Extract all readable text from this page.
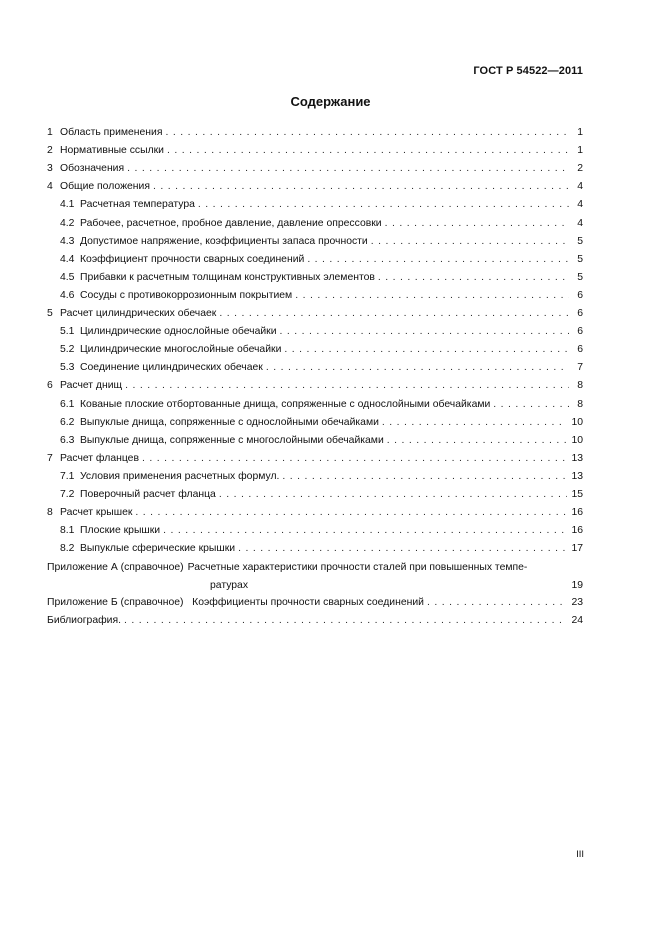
ГОСТ Р 54522—2011
Содержание
1 Область применения . . .	1
2 Нормативные ссылки . . .	1
3 Обозначения . . .	2
4 Общие положения . . .	4
4.1 Расчетная температура . . .	4
4.2 Рабочее, расчетное, пробное давление, давление опрессовки . . .	4
4.3 Допустимое напряжение, коэффициенты запаса прочности . . .	5
4.4 Коэффициент прочности сварных соединений . . .	5
4.5 Прибавки к расчетным толщинам конструктивных элементов . . .	5
4.6 Сосуды с противокоррозионным покрытием . . .	6
5 Расчет цилиндрических обечаек . . .	6
5.1 Цилиндрические однослойные обечайки . . .	6
5.2 Цилиндрические многослойные обечайки . . .	6
5.3 Соединение цилиндрических обечаек . . .	7
6 Расчет днищ . . .	8
6.1 Кованые плоские отбортованные днища, сопряженные с однослойными обечайками . . .	8
6.2 Выпуклые днища, сопряженные с однослойными обечайками . . .	10
6.3 Выпуклые днища, сопряженные с многослойными обечайками . . .	10
7 Расчет фланцев . . .	13
7.1 Условия применения расчетных формул. . . .	13
7.2 Поверочный расчет фланца . . .	15
8 Расчет крышек . . .	16
8.1 Плоские крышки . . .	16
8.2 Выпуклые сферические крышки . . .	17
Приложение А (справочное) Расчетные характеристики прочности сталей при повышенных темпе-
ратурах	19
Приложение Б (справочное) Коэффициенты прочности сварных соединений . . .	23
Библиография. . . .	24
III
